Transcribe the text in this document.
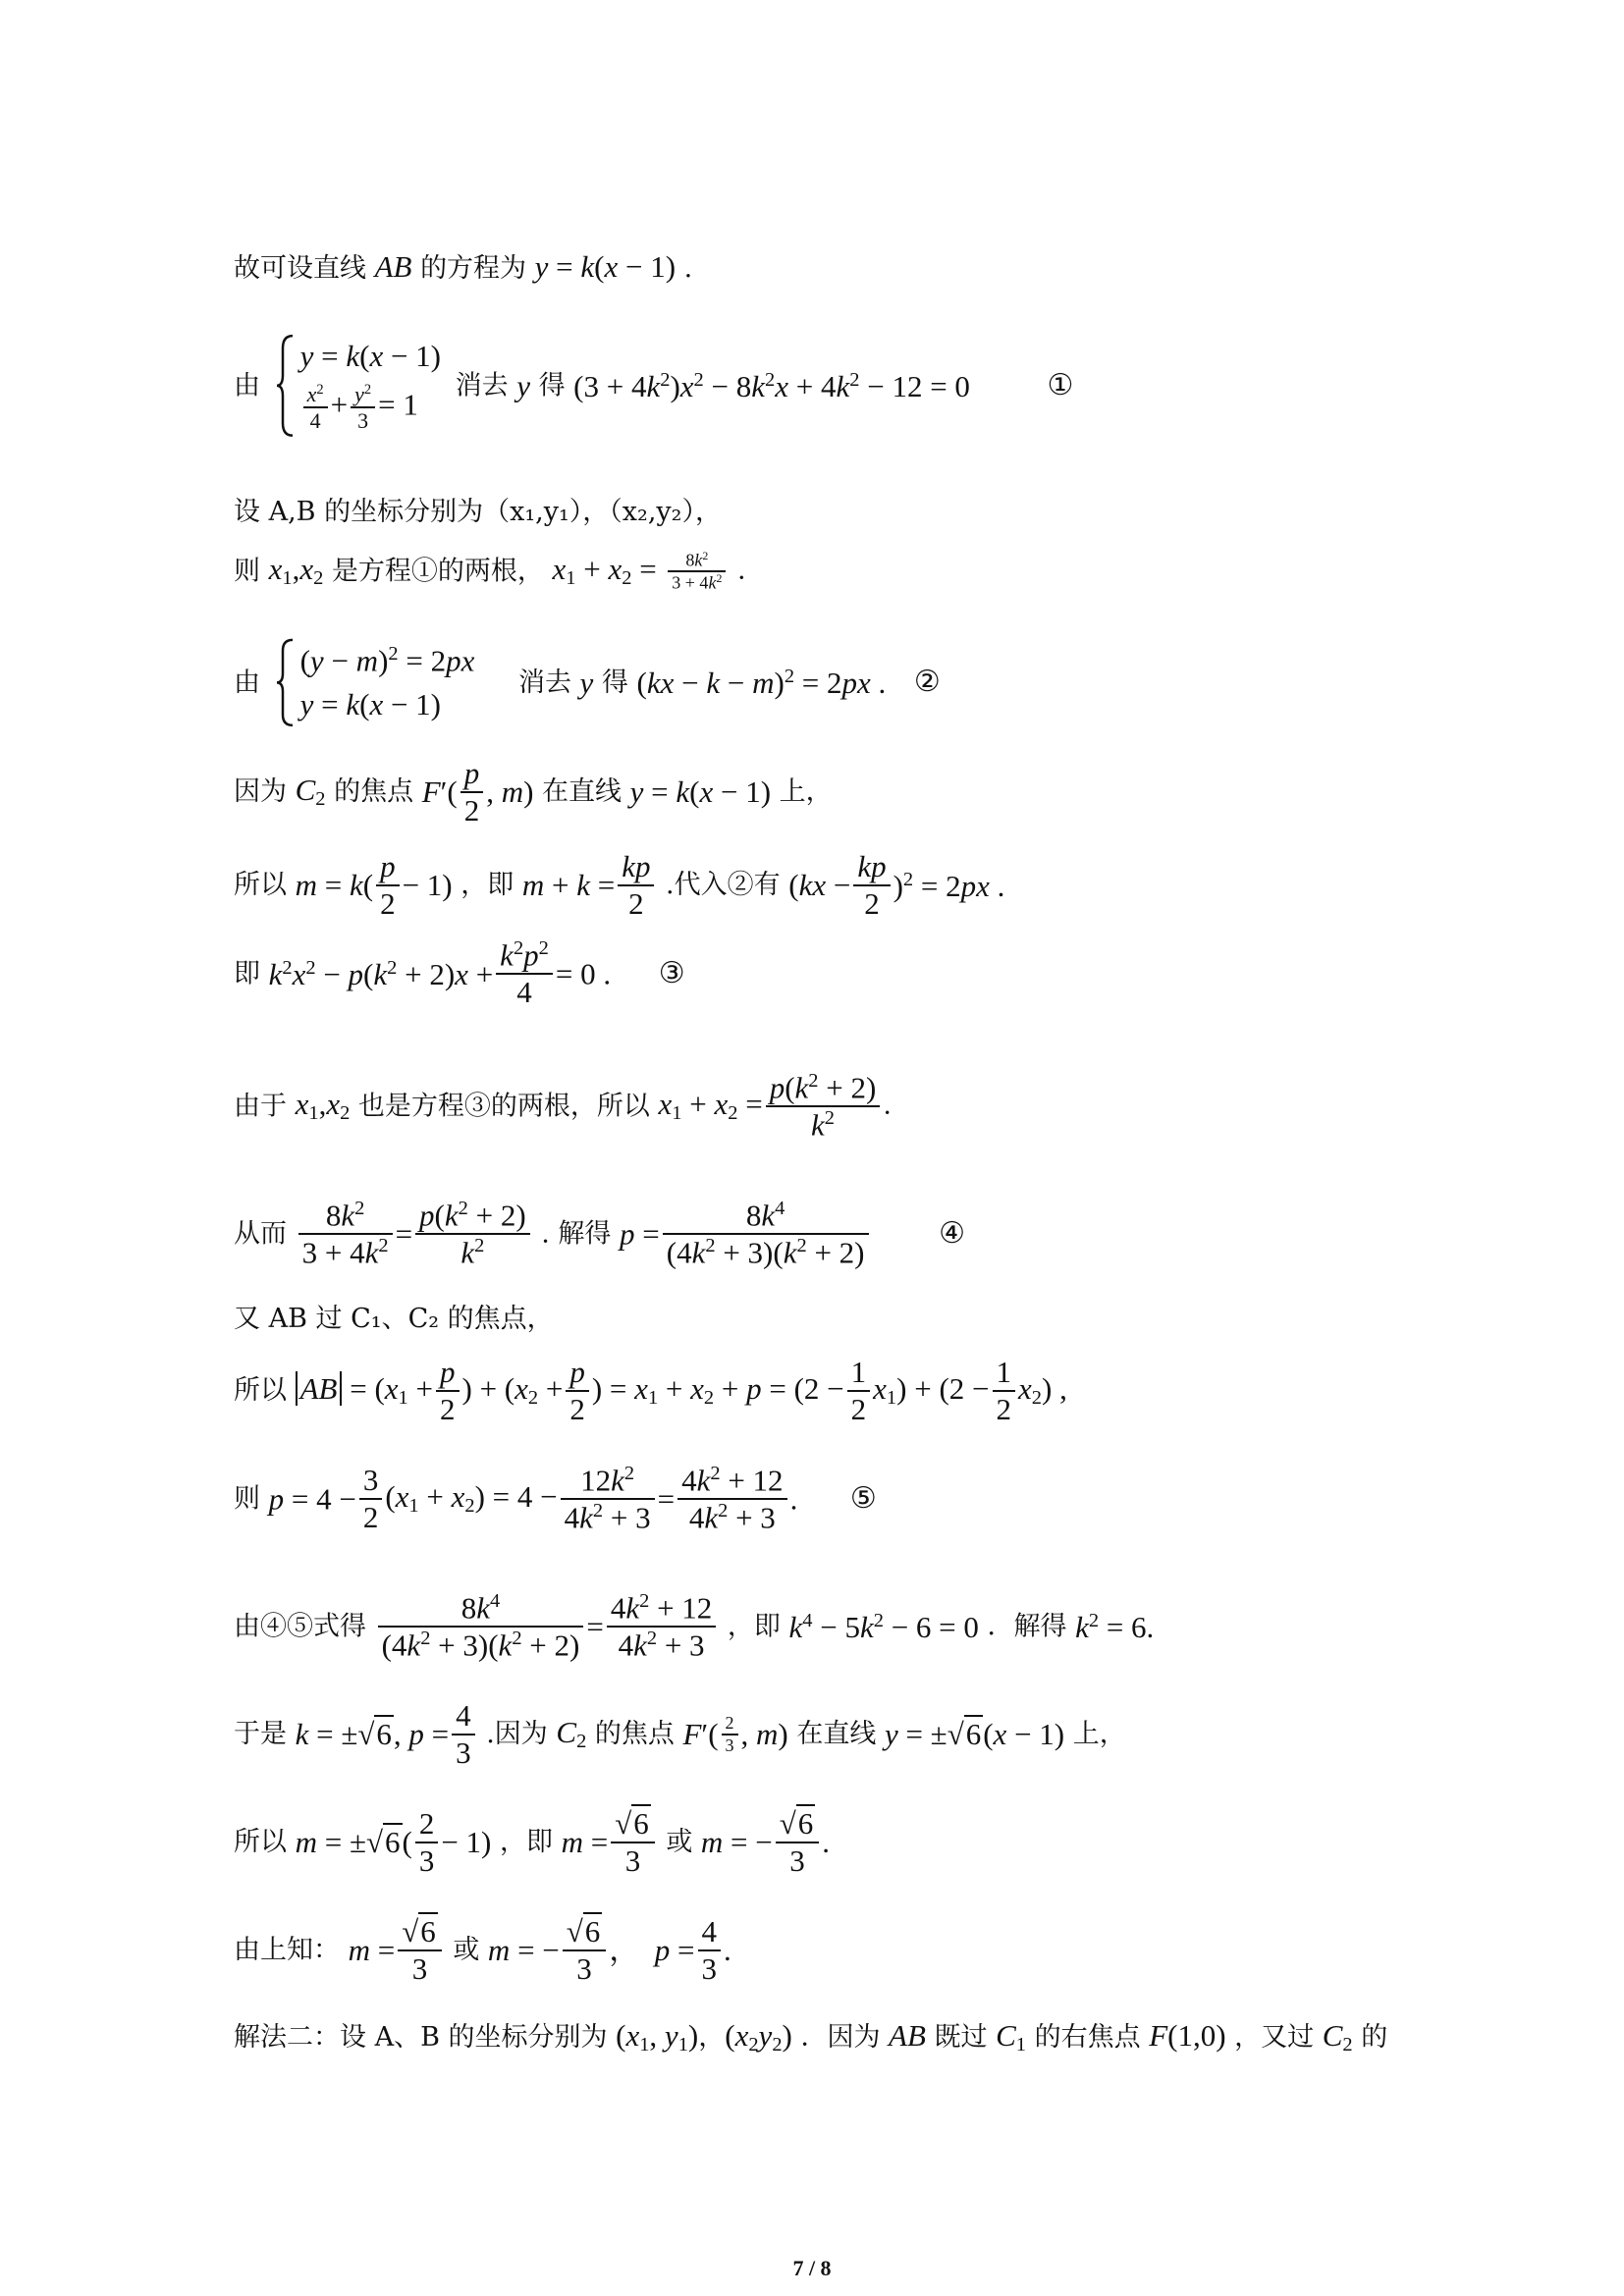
故可设直线 AB 的方程为 y = k(x − 1) .
由
y = k(x − 1)
$\frac{x^2}{4} + \frac{y^2}{3} = 1$
消去 y 得 $(3 + 4k^2)x^2 - 8k^2x + 4k^2 - 12 = 0$	①
设 A,B 的坐标分别为（x₁,y₁），（x₂,y₂），
则 $x_1,x_2$ 是方程①的两根， $x_1 + x_2 = \frac{8k^2}{3 + 4k^2}$ .
由
$(y - m)^2 = 2px$
y = k(x − 1)
消去 y 得 (kx − k − m)$^2$ = 2px . ②
因为 $C_2$ 的焦点 $F'( \frac{p}{2}$ , m) 在直线 y = k(x − 1) 上，
所以 $m = k( \frac{p}{2} - 1)$ ，即 $m + k = \frac{kp}{2}$ .代入②有 $(kx - \frac{kp}{2} )^2 = 2px$ .
即 $k^2x^2 - p(k^2 + 2)x + \frac{k^2p^2}{4} = 0$ . ③
由于 $x_1,x_2$ 也是方程③的两根，所以 $x_1 + x_2 = \frac{p(k^2 + 2)}{k^2}$ .
从而 $\frac{8k^2}{3 + 4k^2} = \frac{p(k^2 + 2)}{k^2}$ . 解得 $p = \frac{8k^4}{(4k^2 + 3)(k^2 + 2)}$ ④
又 AB 过 C₁、C₂ 的焦点，
所以 AB = ($x_1 + \frac{p}{2}$ ) + ($x_2 + \frac{p}{2}$ ) = $x_1 + x_2 + p = (2 - \frac{1}{2} x_1) + (2 - \frac{1}{2} x_2)$ ,
则 $p = 4 - \frac{3}{2} (x_1 + x_2) = 4 - \frac{12k^2}{4k^2 + 3} = \frac{4k^2 + 12}{4k^2 + 3}$ . ⑤
由④⑤式得 $\frac{8k^4}{(4k^2 + 3)(k^2 + 2)} = \frac{4k^2 + 12}{4k^2 + 3}$ ，即 $k^4 - 5k^2 - 6 = 0$ ．解得 $k^2 = 6$.
于是 k = ±√6, $p = \frac{4}{3}$ .因为 $C_2$ 的焦点 $F'( \frac{2}{3}$ , m) 在直线 y = ±√6(x − 1) 上，
所以 $m = \pm√6( \frac{2}{3} - 1)$ ，即 $m = \frac{√6}{3}$ 或 m = − $\frac{√6}{3}$ .
由上知： $m = \frac{√6}{3}$ 或 m = − $\frac{√6}{3}$ ，  $p = \frac{4}{3}$ .
解法二：设 A、B 的坐标分别为 ($x_1$, $y_1$)，$(x_2y_2)$ ．因为 AB 既过 $C_1$ 的右焦点 F(1,0) ，又过 $C_2$ 的
7 / 8
